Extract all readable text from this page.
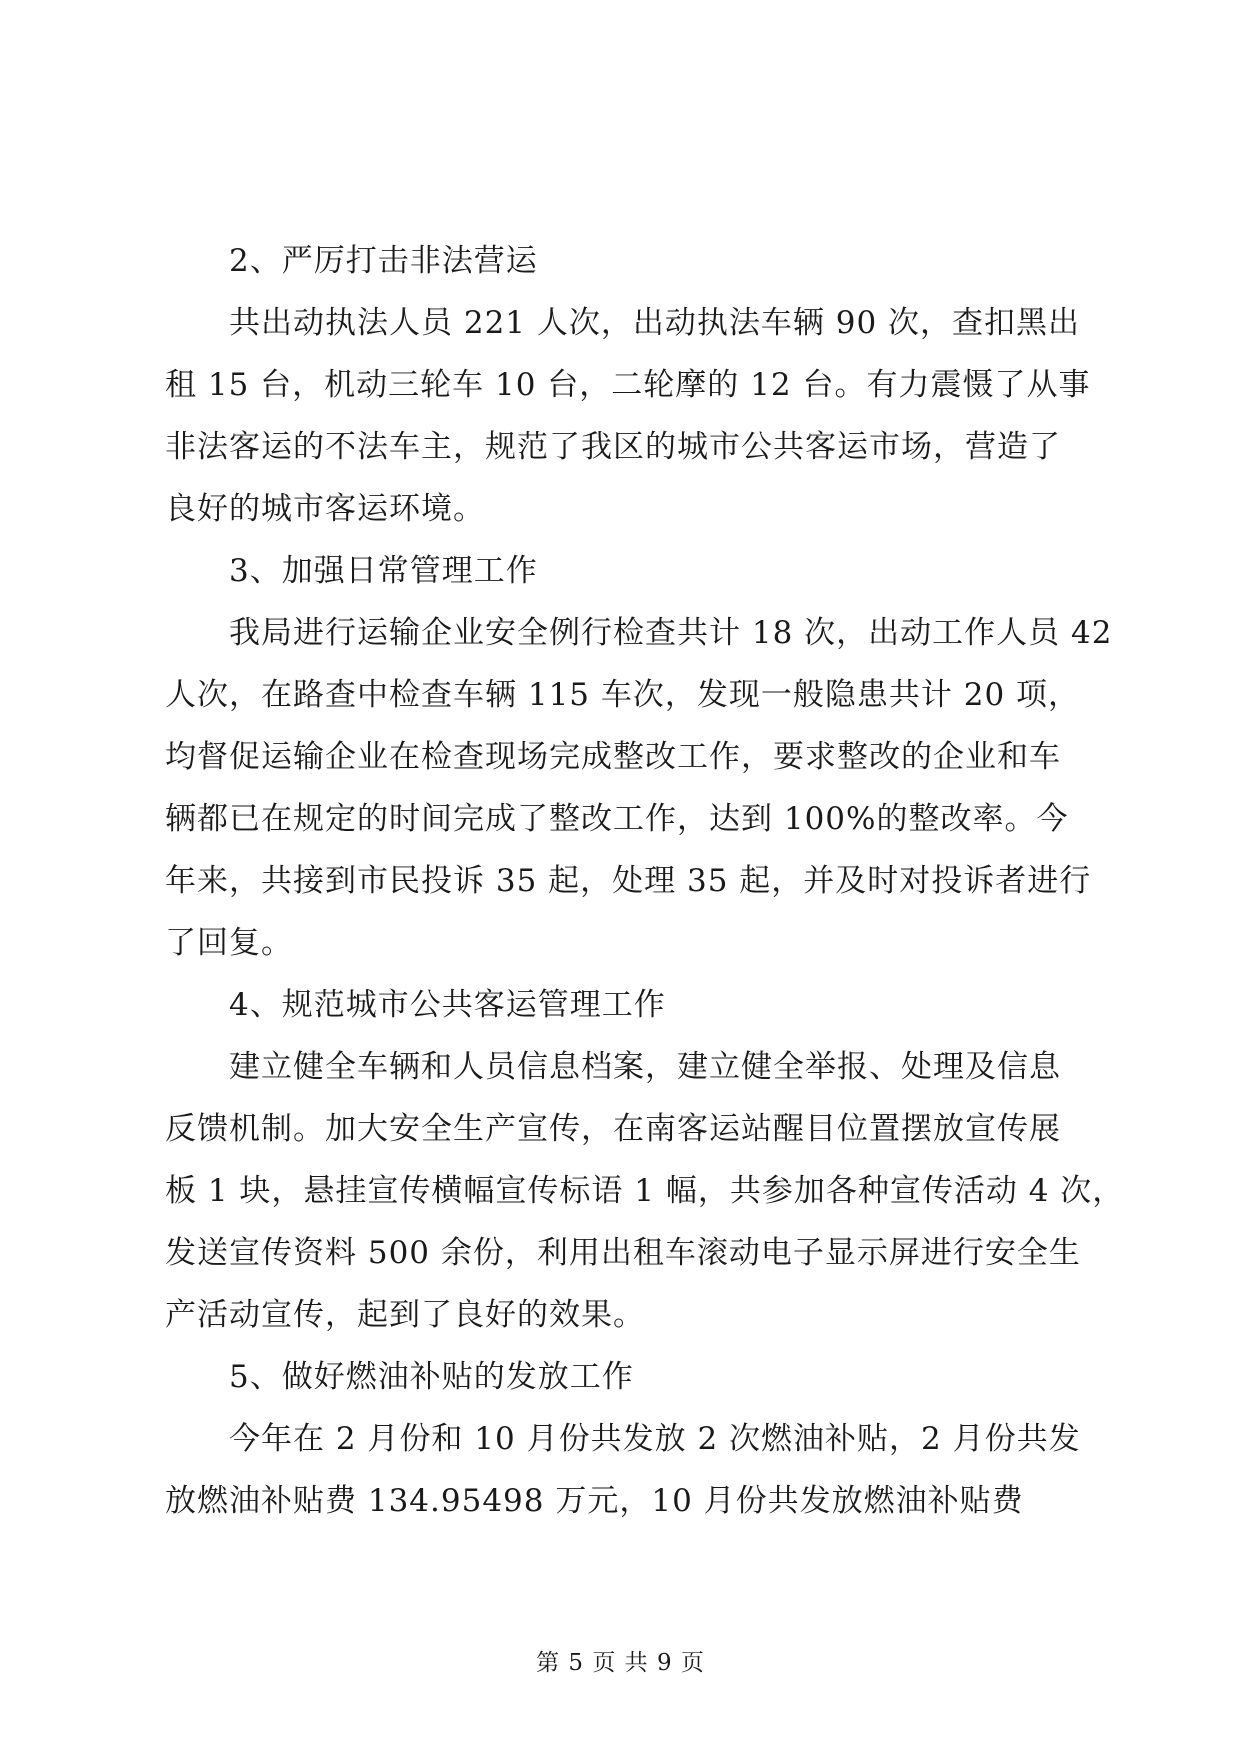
2、严厉打击非法营运
共出动执法人员 221 人次，出动执法车辆 90 次，查扣黑出
租 15 台，机动三轮车 10 台，二轮摩的 12 台。有力震慑了从事
非法客运的不法车主，规范了我区的城市公共客运市场，营造了
良好的城市客运环境。
3、加强日常管理工作
我局进行运输企业安全例行检查共计 18 次，出动工作人员 42
人次，在路查中检查车辆 115 车次，发现一般隐患共计 20 项，
均督促运输企业在检查现场完成整改工作，要求整改的企业和车
辆都已在规定的时间完成了整改工作，达到 100%的整改率。今
年来，共接到市民投诉 35 起，处理 35 起，并及时对投诉者进行
了回复。
4、规范城市公共客运管理工作
建立健全车辆和人员信息档案，建立健全举报、处理及信息
反馈机制。加大安全生产宣传，在南客运站醒目位置摆放宣传展
板 1 块，悬挂宣传横幅宣传标语 1 幅，共参加各种宣传活动 4 次，
发送宣传资料 500 余份，利用出租车滚动电子显示屏进行安全生
产活动宣传，起到了良好的效果。
5、做好燃油补贴的发放工作
今年在 2 月份和 10 月份共发放 2 次燃油补贴，2 月份共发
放燃油补贴费 134.95498 万元，10 月份共发放燃油补贴费
第 5 页 共 9 页
